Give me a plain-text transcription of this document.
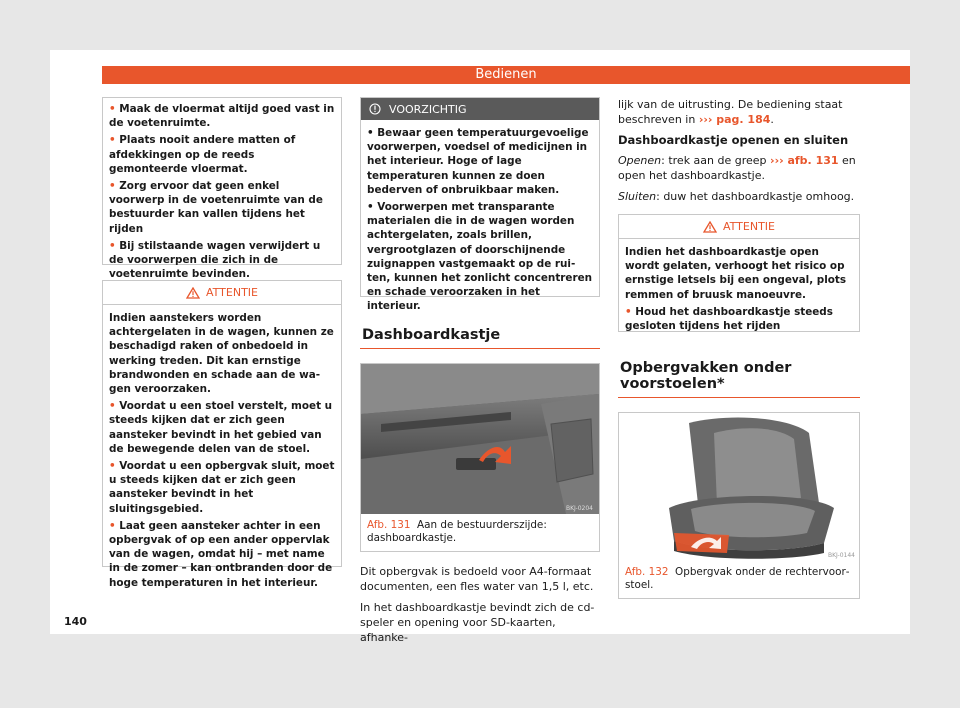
Bedienen
• Maak de vloermat altijd goed vast in de voetenruimte.
• Plaats nooit andere matten of afdekkingen op de reeds gemonteerde vloermat.
• Zorg ervoor dat geen enkel voorwerp in de voetenruimte van de bestuurder kan vallen tijdens het rijden
• Bij stilstaande wagen verwijdert u de voorwerpen die zich in de voetenruimte bevinden.
ATTENTIE
Indien aanstekers worden achtergelaten in de wagen, kunnen ze beschadigd raken of onbedoeld in werking treden. Dit kan ernstige brandwonden en schade aan de wagen veroorzaken.
• Voordat u een stoel verstelt, moet u steeds kijken dat er zich geen aansteker bevindt in het gebied van de bewegende delen van de stoel.
• Voordat u een opbergvak sluit, moet u steeds kijken dat er zich geen aansteker bevindt in het sluitingsgebied.
• Laat geen aansteker achter in een opbergvak of op een ander oppervlak van de wagen, omdat hij – met name in de zomer – kan ontbranden door de hoge temperaturen in het interieur.
VOORZICHTIG
• Bewaar geen temperatuurgevoelige voorwerpen, voedsel of medicijnen in het interieur. Hoge of lage temperaturen kunnen ze doen bederven of onbruikbaar maken.
• Voorwerpen met transparante materialen die in de wagen worden achtergelaten, zoals brillen, vergrootglazen of doorschijnende zuignappen vastgemaakt op de ruiten, kunnen het zonlicht concentreren en schade veroorzaken in het interieur.
Dashboardkastje
BKJ-0204
Afb. 131 Aan de bestuurderszijde: dashboardkastje.
Dit opbergvak is bedoeld voor A4-formaat documenten, een fles water van 1,5 l, etc.
In het dashboardkastje bevindt zich de cd-speler en opening voor SD-kaarten, afhanke-
lijk van de uitrusting. De bediening staat beschreven in ››› pag. 184.
Dashboardkastje openen en sluiten
Openen: trek aan de greep ››› afb. 131 en open het dashboardkastje.
Sluiten: duw het dashboardkastje omhoog.
ATTENTIE
Indien het dashboardkastje open wordt gelaten, verhoogt het risico op ernstige letsels bij een ongeval, plots remmen of bruusk manoeuvre.
• Houd het dashboardkastje steeds gesloten tijdens het rijden
Opbergvakken onder voorstoelen*
BKJ-0144
Afb. 132 Opbergvak onder de rechtervoorstoel.
140
